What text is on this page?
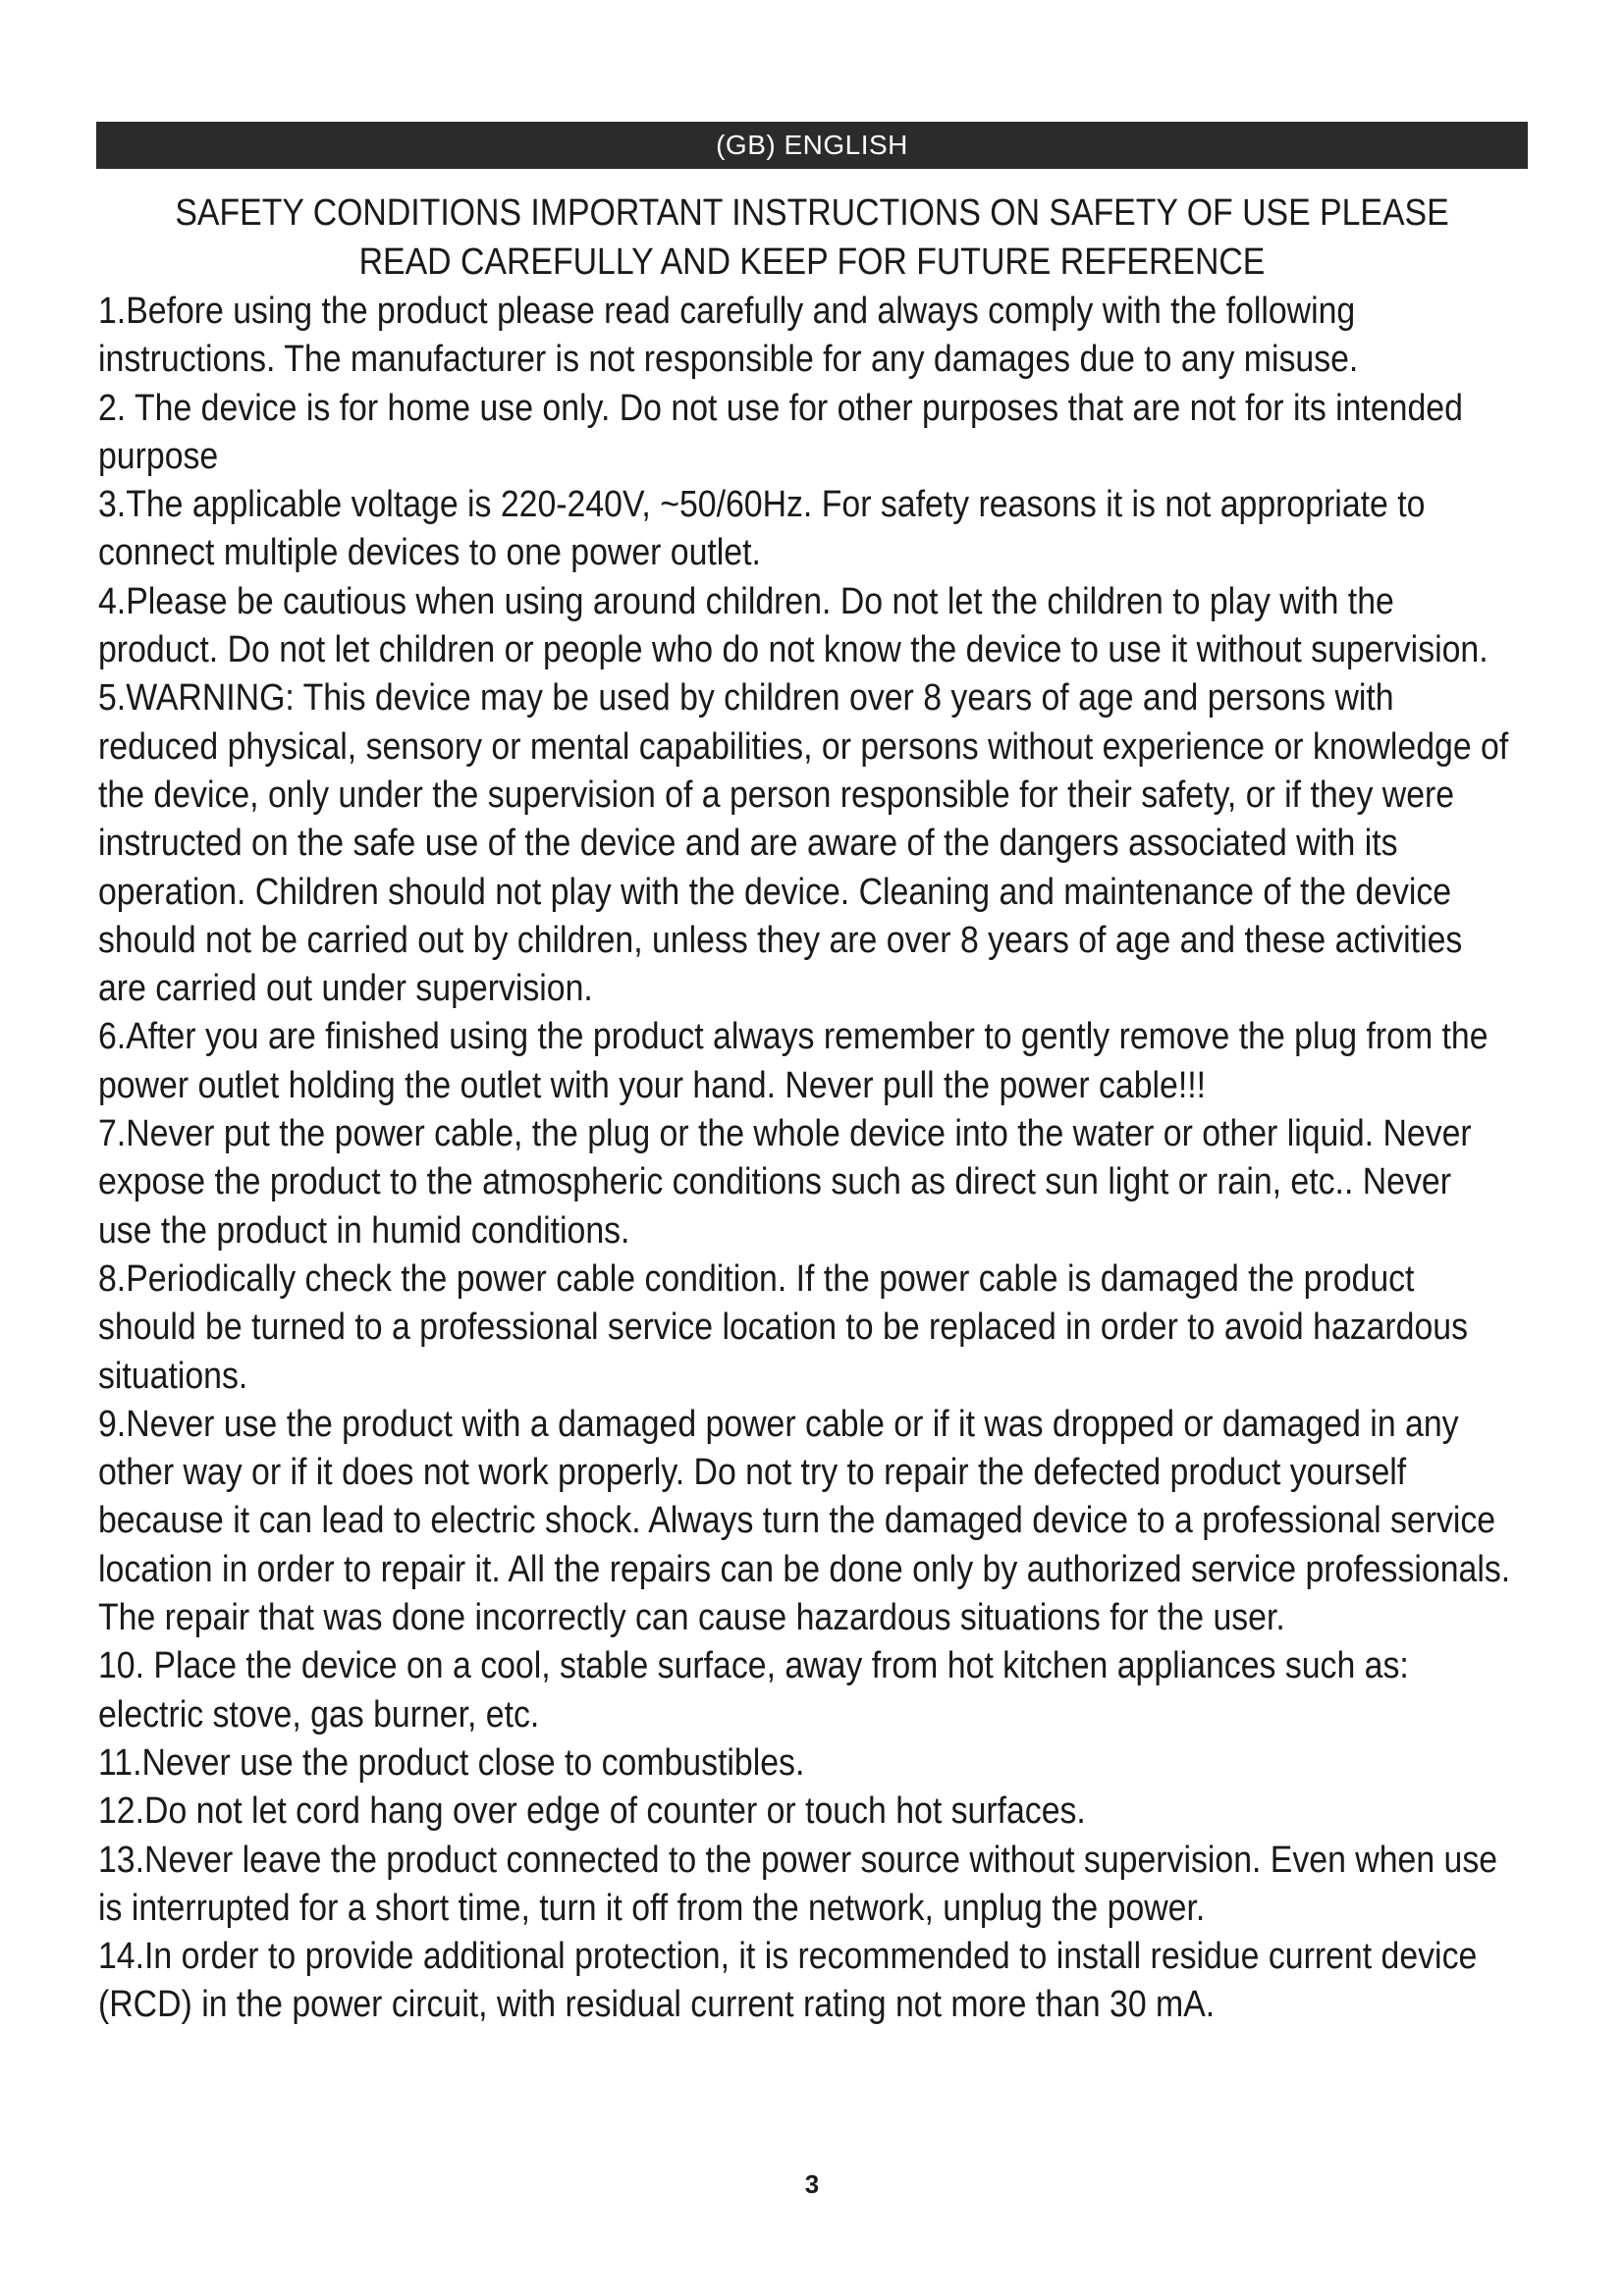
(GB) ENGLISH
SAFETY CONDITIONS IMPORTANT INSTRUCTIONS ON SAFETY OF USE PLEASE
READ CAREFULLY AND KEEP FOR FUTURE REFERENCE
1.Before using the product please read carefully and always comply with the following instructions. The manufacturer is not responsible for any damages due to any misuse.
2. The device is for home use only. Do not use for other purposes that are not for its intended purpose
3.The applicable voltage is 220-240V, ~50/60Hz. For safety reasons it is not appropriate to connect multiple devices to one power outlet.
4.Please be cautious when using around children. Do not let the children to play with the product. Do not let children or people who do not know the device to use it without supervision.
5.WARNING: This device may be used by children over 8 years of age and persons with reduced physical, sensory or mental capabilities, or persons without experience or knowledge of the device, only under the supervision of a person responsible for their safety, or if they were instructed on the safe use of the device and are aware of the dangers associated with its operation. Children should not play with the device. Cleaning and maintenance of the device should not be carried out by children, unless they are over 8 years of age and these activities are carried out under supervision.
6.After you are finished using the product always remember to gently remove the plug from the power outlet holding the outlet with your hand. Never pull the power cable!!!
7.Never put the power cable, the plug or the whole device into the water or other liquid. Never expose the product to the atmospheric conditions such as direct sun light or rain, etc.. Never use the product in humid conditions.
8.Periodically check the power cable condition. If the power cable is damaged the product should be turned to a professional service location to be replaced in order to avoid hazardous situations.
9.Never use the product with a damaged power cable or if it was dropped or damaged in any other way or if it does not work properly. Do not try to repair the defected product yourself because it can lead to electric shock. Always turn the damaged device to a professional service location in order to repair it. All the repairs can be done only by authorized service professionals. The repair that was done incorrectly can cause hazardous situations for the user.
10. Place the device on a cool, stable surface, away from hot kitchen appliances such as: electric stove, gas burner, etc.
11.Never use the product close to combustibles.
12.Do not let cord hang over edge of counter or touch hot surfaces.
13.Never leave the product connected to the power source without supervision. Even when use is interrupted for a short time, turn it off from the network, unplug the power.
14.In order to provide additional protection, it is recommended to install residue current device (RCD) in the power circuit, with residual current rating not more than 30 mA.
3
